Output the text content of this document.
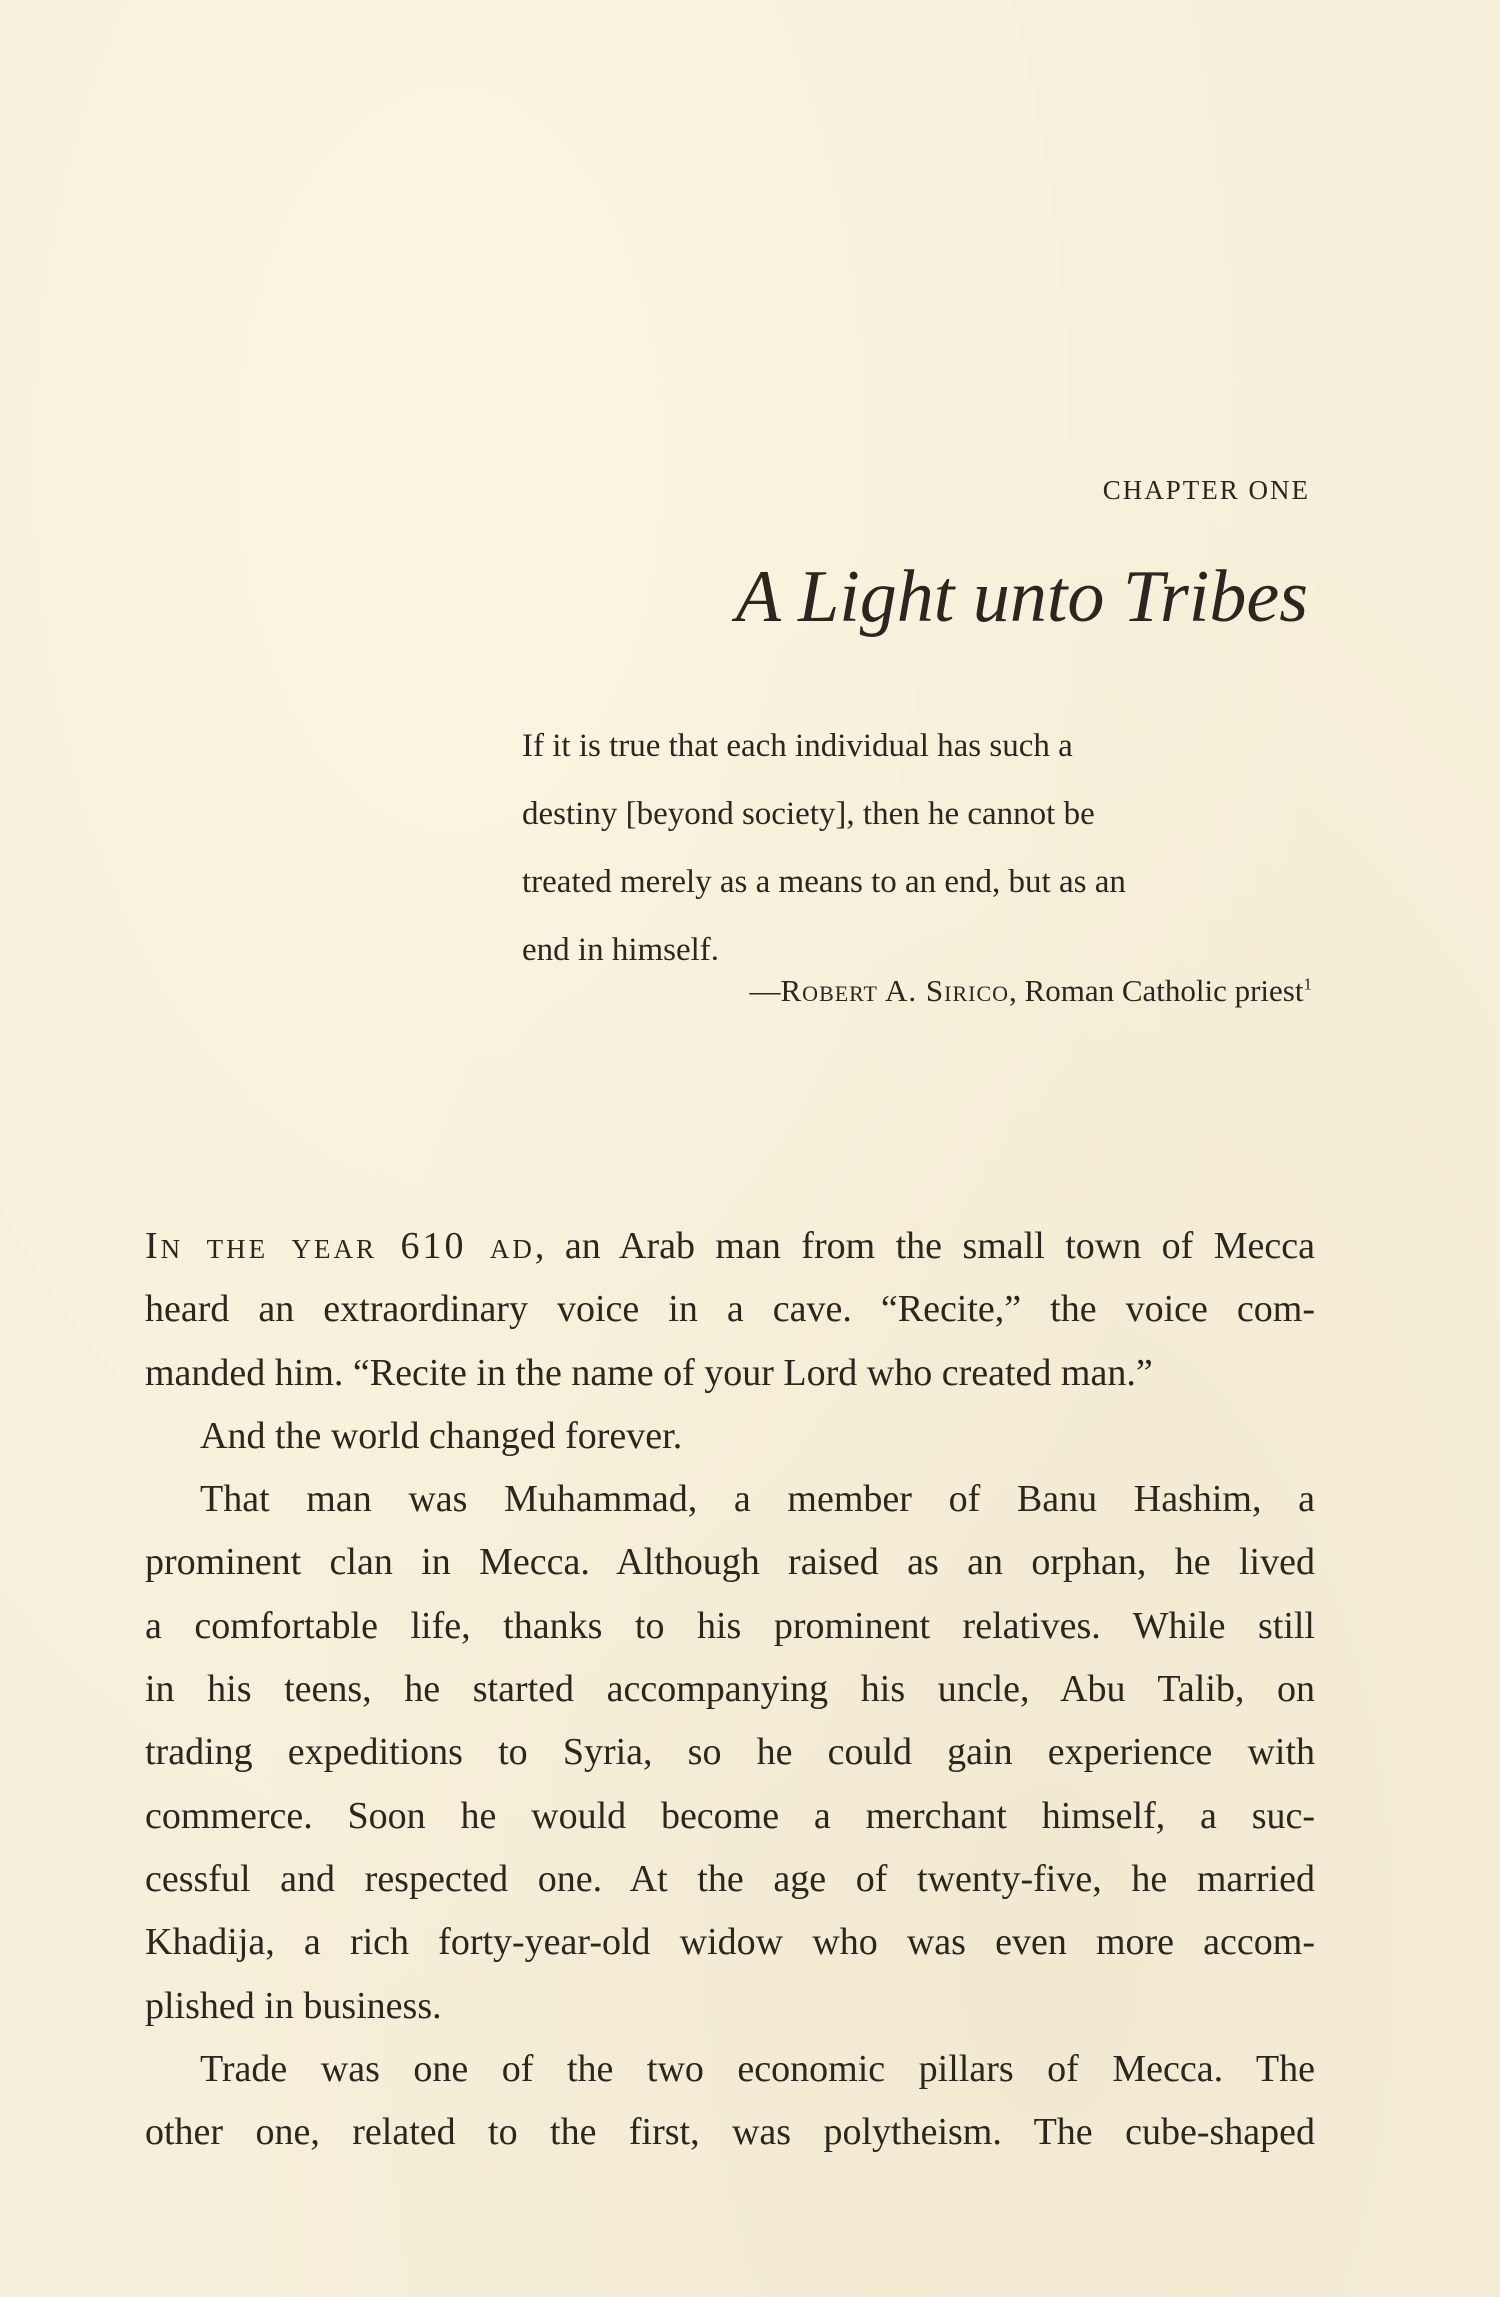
CHAPTER ONE
A Light unto Tribes
If it is true that each individual has such a
destiny [beyond society], then he cannot be
treated merely as a means to an end, but as an
end in himself.
—Robert A. Sirico, Roman Catholic priest$^1$
In the year 610 ad, an Arab man from the small town of Mecca
heard an extraordinary voice in a cave. “Recite,” the voice com-
manded him. “Recite in the name of your Lord who created man.”
And the world changed forever.
That man was Muhammad, a member of Banu Hashim, a
prominent clan in Mecca. Although raised as an orphan, he lived
a comfortable life, thanks to his prominent relatives. While still
in his teens, he started accompanying his uncle, Abu Talib, on
trading expeditions to Syria, so he could gain experience with
commerce. Soon he would become a merchant himself, a suc-
cessful and respected one. At the age of twenty-five, he married
Khadija, a rich forty-year-old widow who was even more accom-
plished in business.
Trade was one of the two economic pillars of Mecca. The
other one, related to the first, was polytheism. The cube-shaped
